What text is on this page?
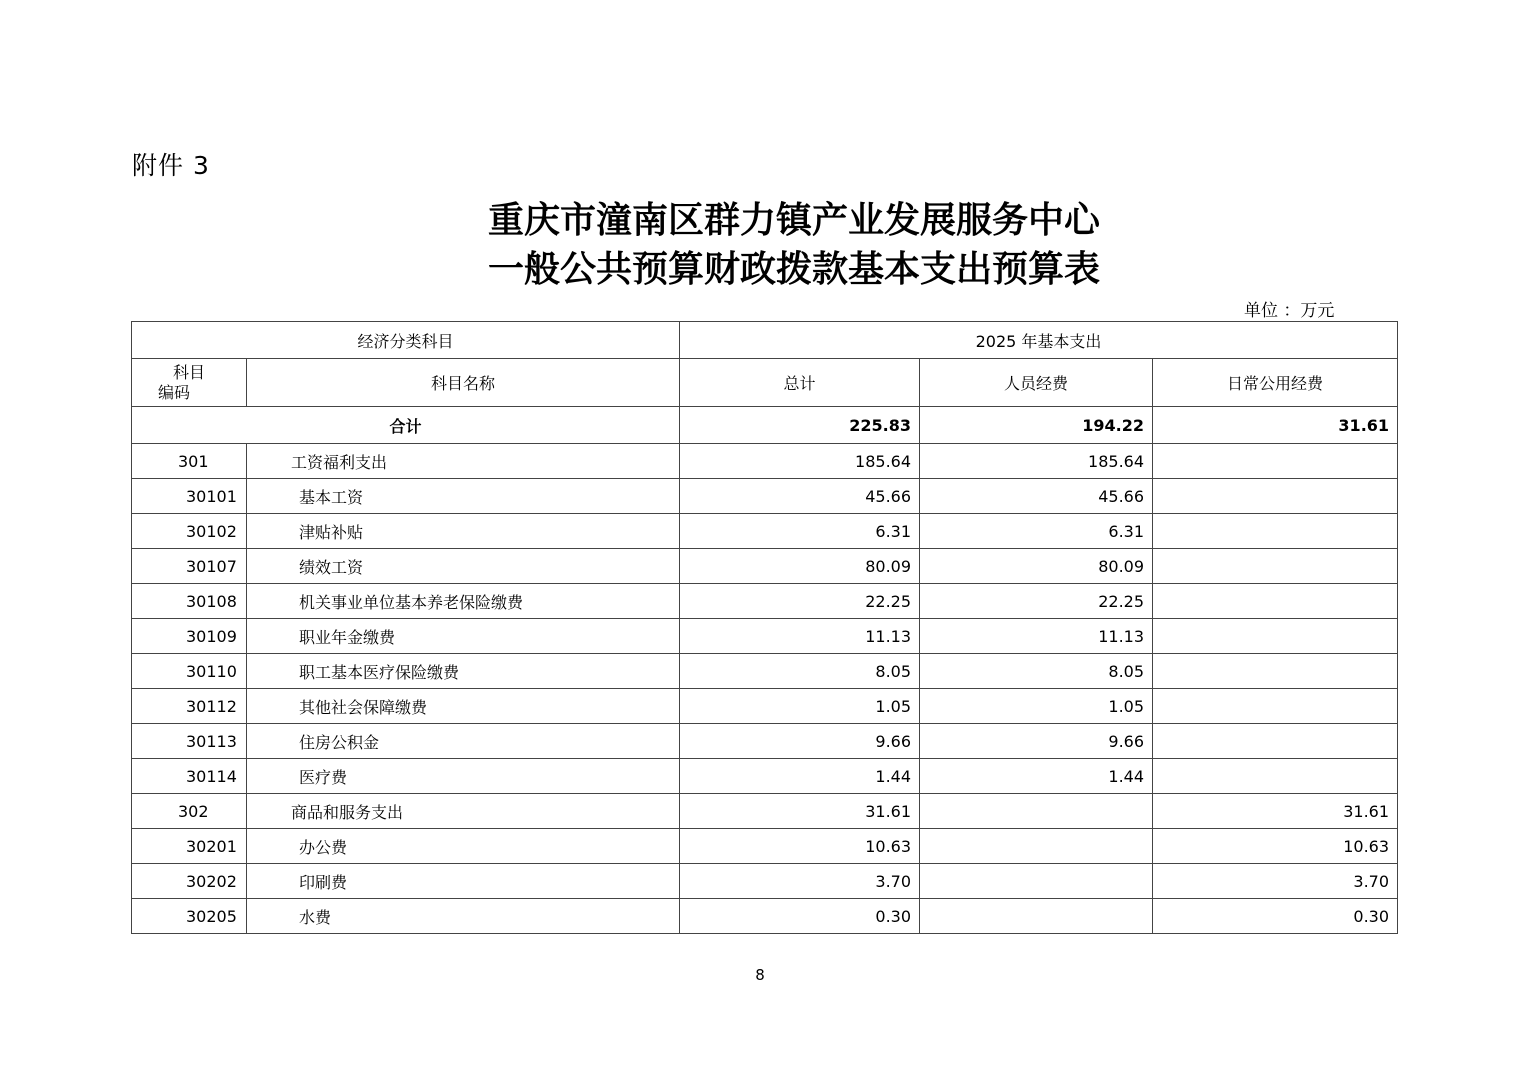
附件 3
重庆市潼南区群力镇产业发展服务中心
一般公共预算财政拨款基本支出预算表
单位 ：万元
经济分类科目		2025 年基本支出		

科目
编码	科目名称	总计	人员经费	日常公用经费
合计		225.83	194.22	31.61
301	工资福利支出	185.64	185.64	
30101	基本工资	45.66	45.66	
30102	津贴补贴	6.31	6.31	
30107	绩效工资	80.09	80.09	
30108	机关事业单位基本养老保险缴费	22.25	22.25	
30109	职业年金缴费	11.13	11.13	
30110	职工基本医疗保险缴费	8.05	8.05	
30112	其他社会保障缴费	1.05	1.05	
30113	住房公积金	9.66	9.66	
30114	医疗费	1.44	1.44	
302	商品和服务支出	31.61		31.61
30201	办公费	10.63		10.63
30202	印刷费	3.70		3.70
30205	水费	0.30		0.30
8
